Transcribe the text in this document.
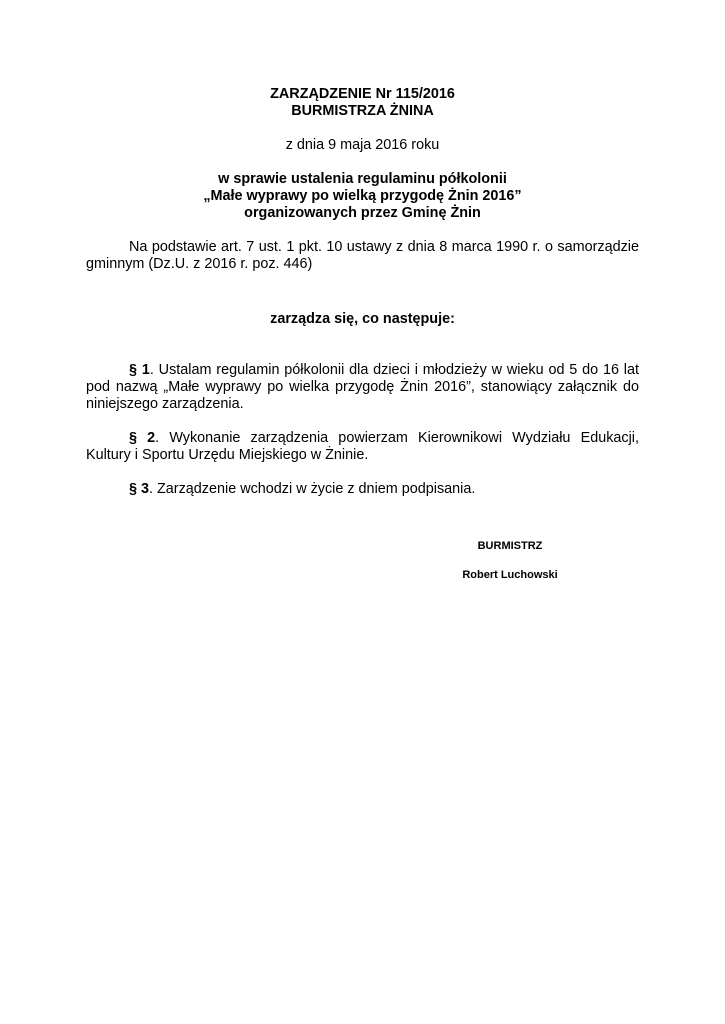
ZARZĄDZENIE Nr 115/2016
BURMISTRZA ŻNINA
z dnia 9 maja 2016 roku
w sprawie ustalenia regulaminu półkolonii
„Małe wyprawy po wielką przygodę Żnin 2016”
organizowanych przez Gminę Żnin
Na podstawie art. 7 ust. 1 pkt. 10 ustawy z dnia 8 marca 1990 r. o samorządzie gminnym (Dz.U. z 2016 r. poz. 446)
zarządza się, co następuje:
§ 1. Ustalam regulamin półkolonii dla dzieci i młodzieży w wieku od 5 do 16 lat pod nazwą „Małe wyprawy po wielka przygodę Żnin 2016”, stanowiący załącznik do niniejszego zarządzenia.
§ 2. Wykonanie zarządzenia powierzam Kierownikowi Wydziału Edukacji, Kultury i Sportu Urzędu Miejskiego w Żninie.
§ 3. Zarządzenie wchodzi w życie z dniem podpisania.
BURMISTRZ
Robert Luchowski
